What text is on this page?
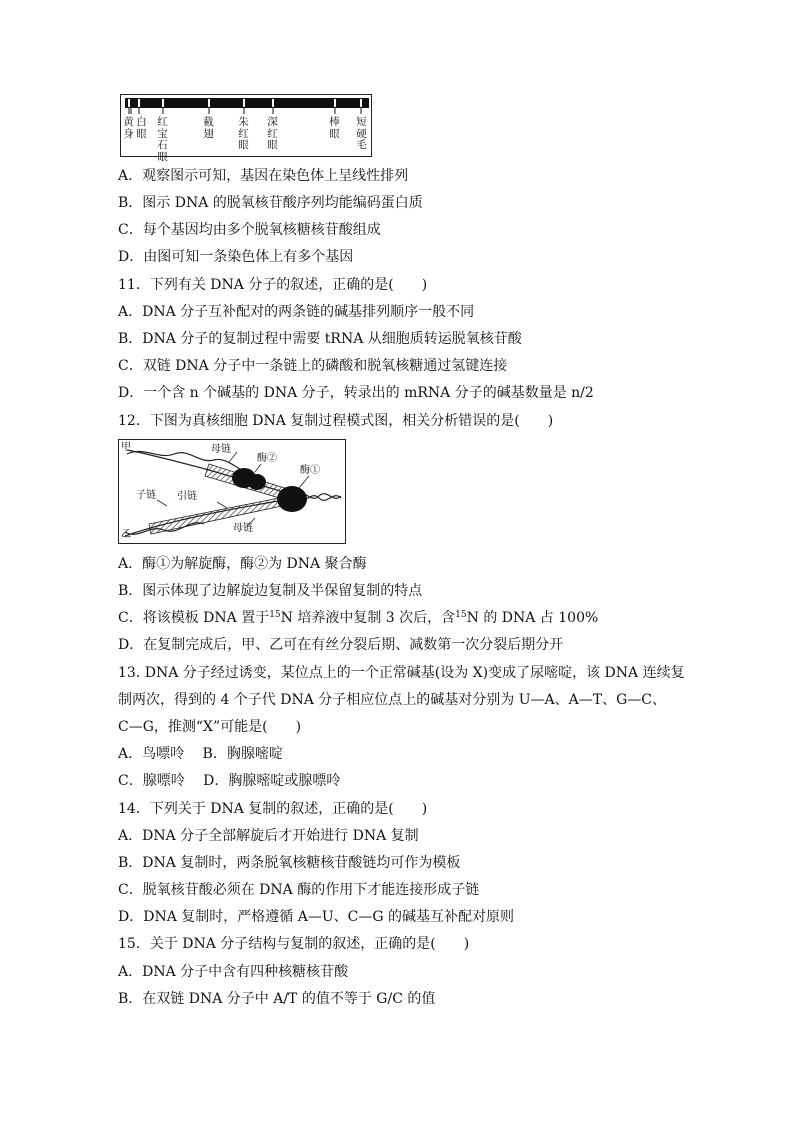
黄身
白眼
红宝石眼
截翅
朱红眼
深红眼
棒眼
短硬毛
A．观察图示可知，基因在染色体上呈线性排列
B．图示 DNA 的脱氧核苷酸序列均能编码蛋白质
C．每个基因均由多个脱氧核糖核苷酸组成
D．由图可知一条染色体上有多个基因
11．下列有关 DNA 分子的叙述，正确的是(　　)
A．DNA 分子互补配对的两条链的碱基排列顺序一般不同
B．DNA 分子的复制过程中需要 tRNA 从细胞质转运脱氧核苷酸
C．双链 DNA 分子中一条链上的磷酸和脱氧核糖通过氢键连接
D．一个含 n 个碱基的 DNA 分子，转录出的 mRNA 分子的碱基数量是 n/2
12．下图为真核细胞 DNA 复制过程模式图，相关分析错误的是(　　)
甲
乙
母链
酶②
酶①
子链 引链
母链
A．酶①为解旋酶，酶②为 DNA 聚合酶
B．图示体现了边解旋边复制及半保留复制的特点
C．将该模板 DNA 置于$^{15}$N 培养液中复制 3 次后，含$^{15}$N 的 DNA 占 100%
D．在复制完成后，甲、乙可在有丝分裂后期、减数第一次分裂后期分开
13. DNA 分子经过诱变，某位点上的一个正常碱基(设为 X)变成了尿嘧啶，该 DNA 连续复
制两次，得到的 4 个子代 DNA 分子相应位点上的碱基对分别为 U—A、A—T、G—C、
C—G，推测“X”可能是(　　)
A．鸟嘌呤　 B．胸腺嘧啶
C．腺嘌呤　 D．胸腺嘧啶或腺嘌呤
14．下列关于 DNA 复制的叙述，正确的是(　　)
A．DNA 分子全部解旋后才开始进行 DNA 复制
B．DNA 复制时，两条脱氧核糖核苷酸链均可作为模板
C．脱氧核苷酸必须在 DNA 酶的作用下才能连接形成子链
D．DNA 复制时，严格遵循 A—U、C—G 的碱基互补配对原则
15．关于 DNA 分子结构与复制的叙述，正确的是(　　)
A．DNA 分子中含有四种核糖核苷酸
B．在双链 DNA 分子中 A/T 的值不等于 G/C 的值
